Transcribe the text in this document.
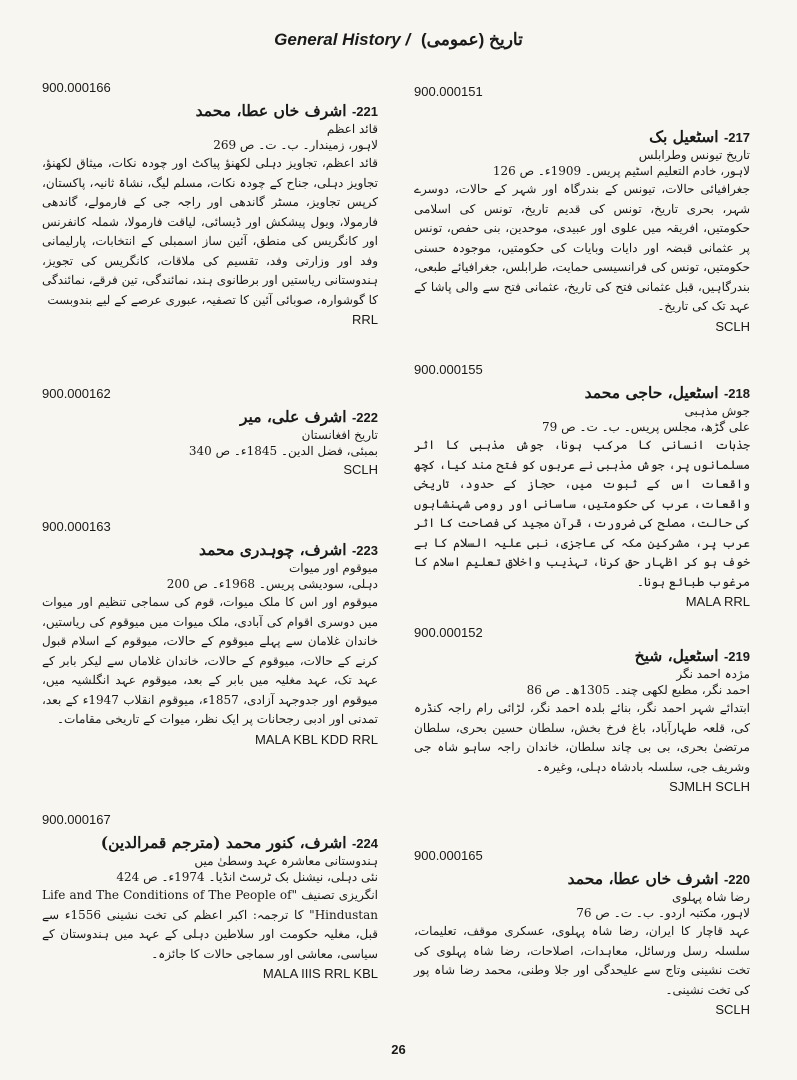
General History / تاریخ (عمومی)
900.000166
221- اشرف خاں عطا، محمد
قائد اعظم
لاہور، زمیندار۔ ب۔ ت۔ ص 269
قائد اعظم، تجاویز دہلی لکھنؤ پیاکٹ اور چودہ نکات، میثاق لکھنؤ، تجاویز دہلی، جناح کے چودہ نکات، مسلم لیگ، نشاۃ ثانیہ، پاکستان، کرپس تجاویز، مسٹر گاندھی اور راجہ جی کے فارمولے، گاندھی فارمولا، ویول پیشکش اور ڈیسائی، لیاقت فارمولا، شملہ کانفرنس اور کانگریس کی منطق، آئین ساز اسمبلی کے انتخابات، پارلیمانی وفد اور وزارتی وفد، تقسیم کی ملاقات، کانگریس کی تجویز، ہندوستانی ریاستیں اور برطانوی ہند، نمائندگی، تین فرقے، نمائندگی کا گوشوارہ، صوبائی آئین کا تصفیہ، عبوری عرصے کے لیے بندوبست
RRL
900.000162
222- اشرف علی، میر
تاریخ افغانستان
بمبئی، فضل الدین۔ 1845ء۔ ص 340
SCLH
900.000163
223- اشرف، چوہدری محمد
میوقوم اور میوات
دہلی، سودیشی پریس۔ 1968ء۔ ص 200
میوقوم اور اس کا ملک میوات، قوم کی سماجی تنظیم اور میوات میں دوسری اقوام کی آبادی، ملک میوات میں میوقوم کی ریاستیں، خاندان غلامان سے پہلے میوقوم کے حالات، میوقوم کے اسلام قبول کرنے کے حالات، میوقوم کے حالات، خاندان غلاماں سے لیکر بابر کے عہد تک، عہد مغلیہ میں بابر کے بعد، میوقوم عہد انگلشیہ میں، میوقوم اور جدوجہد آزادی، 1857ء، میوقوم انقلاب 1947ء کے بعد، تمدنی اور ادبی رجحانات پر ایک نظر، میوات کے تاریخی مقامات۔
MALA KBL KDD RRL
900.000167
224- اشرف، کنور محمد (مترجم قمرالدین)
ہندوستانی معاشرہ عہد وسطیٰ میں
نئی دہلی، نیشنل بک ٹرسٹ انڈیا۔ 1974ء۔ ص 424
انگریزی تصنیف "Life and The Conditions of The People of Hindustan" کا ترجمہ: اکبر اعظم کی تخت نشینی 1556ء سے قبل، مغلیہ حکومت اور سلاطین دہلی کے عہد میں ہندوستان کے سیاسی، معاشی اور سماجی حالات کا جائزہ۔
MALA IIIS RRL KBL
900.000151
217- اسٹعیل بک
تاریخ تیونس وطرابلس
لاہور، خادم التعلیم اسٹیم پریس۔ 1909ء۔ ص 126
جغرافیائی حالات، تیونس کے بندرگاہ اور شہر کے حالات، دوسرے شہر، بحری تاریخ، تونس کی قدیم تاریخ، تونس کی اسلامی حکومتیں، افریقہ میں علوی اور عبیدی، موحدین، بنی حفص، تونس پر عثمانی قبضہ اور دایات وبایات کی حکومتیں، موجودہ حسنی حکومتیں، تونس کی فرانسیسی حمایت، طرابلس، جغرافیائے طبعی، بندرگاہیں، قبل عثمانی فتح کی تاریخ، عثمانی فتح سے والی پاشا کے عہد تک کی تاریخ۔
SCLH
900.000155
218- اسٹعیل، حاجی محمد
جوش مذہبی
علی گڑھ، مجلس پریس۔ ب۔ ت۔ ص 79
جذبات انسانی کا مرکب ہونا، جوش مذہبی کا اثر مسلمانوں پر، جوش مذہبی نے عربوں کو فتح مند کیا، کچھ واقعات اس کے ثبوت میں، حجاز کے حدود، تاریخی واقعات، عرب کی حکومتیں، ساسانی اور رومی شہنشاہوں کی حالت، مصلح کی ضرورت، قرآن مجید کی فصاحت کا اثر عرب پر، مشرکین مکہ کی عاجزی، نبی علیہ السلام کا بے خوف ہو کر اظہار حق کرنا، تہذیب واخلاق تعلیم اسلام کا مرغوب طبائع ہونا۔
MALA RRL
900.000152
219- اسٹعیل، شیخ
مژدہ احمد نگر
احمد نگر، مطبع لکھی چند۔ 1305ھ۔ ص 86
ابتدائے شہر احمد نگر، بنائے بلدہ احمد نگر، لڑائی رام راجہ کنڈرہ کی، قلعہ طہارآباد، باغ فرخ بخش، سلطان حسین بحری، سلطان مرتضیٰ بحری، بی بی چاند سلطان، خاندان راجہ ساہو شاہ جی وشریف جی، سلسلہ بادشاہ دہلی، وغیرہ۔
SJMLH SCLH
900.000165
220- اشرف خاں عطا، محمد
رضا شاہ پہلوی
لاہور، مکتبہ اردو۔ ب۔ ت۔ ص 76
عہد قاچار کا ایران، رضا شاہ پہلوی، عسکری موقف، تعلیمات، سلسلہ رسل ورسائل، معاہدات، اصلاحات، رضا شاہ پہلوی کی تخت نشینی وتاج سے علیحدگی اور جلا وطنی، محمد رضا شاہ پور کی تخت نشینی۔
SCLH
26
